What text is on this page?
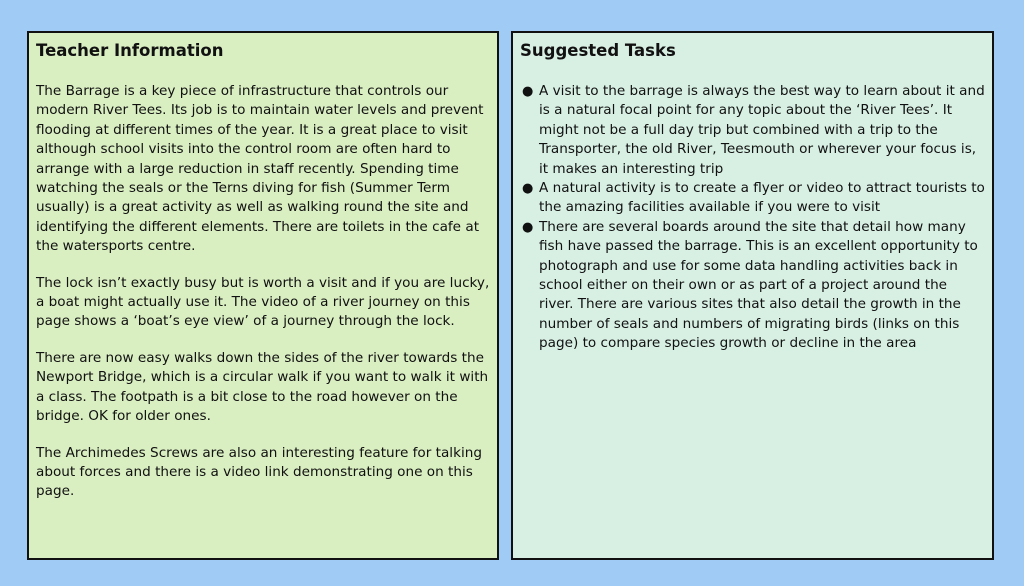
Teacher Information

The Barrage is a key piece of infrastructure that controls our modern River Tees. Its job is to maintain water levels and prevent flooding at different times of the year. It is a great place to visit although school visits into the control room are often hard to arrange with a large reduction in staff recently. Spending time watching the seals or the Terns diving for fish (Summer Term usually) is a great activity as well as walking round the site and identifying the different elements. There are toilets in the cafe at the watersports centre.

The lock isn’t exactly busy but is worth a visit and if you are lucky, a boat might actually use it. The video of a river journey on this page shows a ‘boat’s eye view’ of a journey through the lock.

There are now easy walks down the sides of the river towards the Newport Bridge, which is a circular walk if you want to walk it with a class. The footpath is a bit close to the road however on the bridge. OK for older ones.

The Archimedes Screws are also an interesting feature for talking about forces and there is a video link demonstrating one on this page.

Suggested Tasks
● A visit to the barrage is always the best way to learn about it and is a natural focal point for any topic about the ‘River Tees’. It might not be a full day trip but combined with a trip to the Transporter, the old River, Teesmouth or wherever your focus is, it makes an interesting trip
● A natural activity is to create a flyer or video to attract tourists to the amazing facilities available if you were to visit
● There are several boards around the site that detail how many fish have passed the barrage. This is an excellent opportunity to photograph and use for some data handling activities back in school either on their own or as part of a project around the river. There are various sites that also detail the growth in the number of seals and numbers of migrating birds (links on this page) to compare species growth or decline in the area
